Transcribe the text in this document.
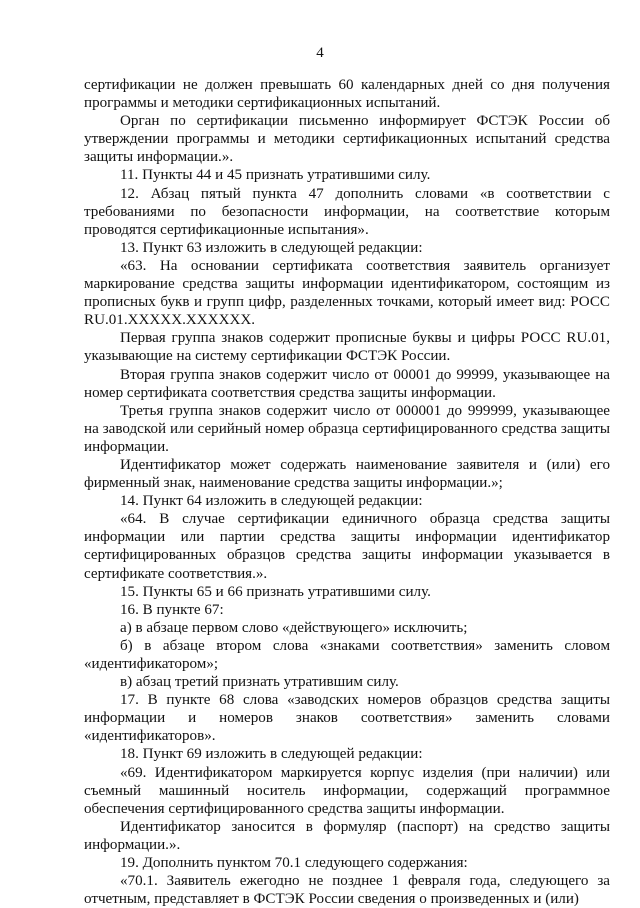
4

сертификации не должен превышать 60 календарных дней со дня получения программы и методики сертификационных испытаний.

Орган по сертификации письменно информирует ФСТЭК России об утверждении программы и методики сертификационных испытаний средства защиты информации.».

11. Пункты 44 и 45 признать утратившими силу.

12. Абзац пятый пункта 47 дополнить словами «в соответствии с требованиями по безопасности информации, на соответствие которым проводятся сертификационные испытания».

13. Пункт 63 изложить в следующей редакции:

«63. На основании сертификата соответствия заявитель организует маркирование средства защиты информации идентификатором, состоящим из прописных букв и групп цифр, разделенных точками, который имеет вид: РОСС RU.01.XXXXX.XXXXXX.

Первая группа знаков содержит прописные буквы и цифры РОСС RU.01, указывающие на систему сертификации ФСТЭК России.

Вторая группа знаков содержит число от 00001 до 99999, указывающее на номер сертификата соответствия средства защиты информации.

Третья группа знаков содержит число от 000001 до 999999, указывающее на заводской или серийный номер образца сертифицированного средства защиты информации.

Идентификатор может содержать наименование заявителя и (или) его фирменный знак, наименование средства защиты информации.»;

14. Пункт 64 изложить в следующей редакции:

«64. В случае сертификации единичного образца средства защиты информации или партии средства защиты информации идентификатор сертифицированных образцов средства защиты информации указывается в сертификате соответствия.».

15. Пункты 65 и 66 признать утратившими силу.

16. В пункте 67:

а) в абзаце первом слово «действующего» исключить;

б) в абзаце втором слова «знаками соответствия» заменить словом «идентификатором»;

в) абзац третий признать утратившим силу.

17. В пункте 68 слова «заводских номеров образцов средства защиты информации и номеров знаков соответствия» заменить словами «идентификаторов».

18. Пункт 69 изложить в следующей редакции:

«69. Идентификатором маркируется корпус изделия (при наличии) или съемный машинный носитель информации, содержащий программное обеспечения сертифицированного средства защиты информации.

Идентификатор заносится в формуляр (паспорт) на средство защиты информации.».

19. Дополнить пунктом 70.1 следующего содержания:

«70.1. Заявитель ежегодно не позднее 1 февраля года, следующего за отчетным, представляет в ФСТЭК России сведения о произведенных и (или)
